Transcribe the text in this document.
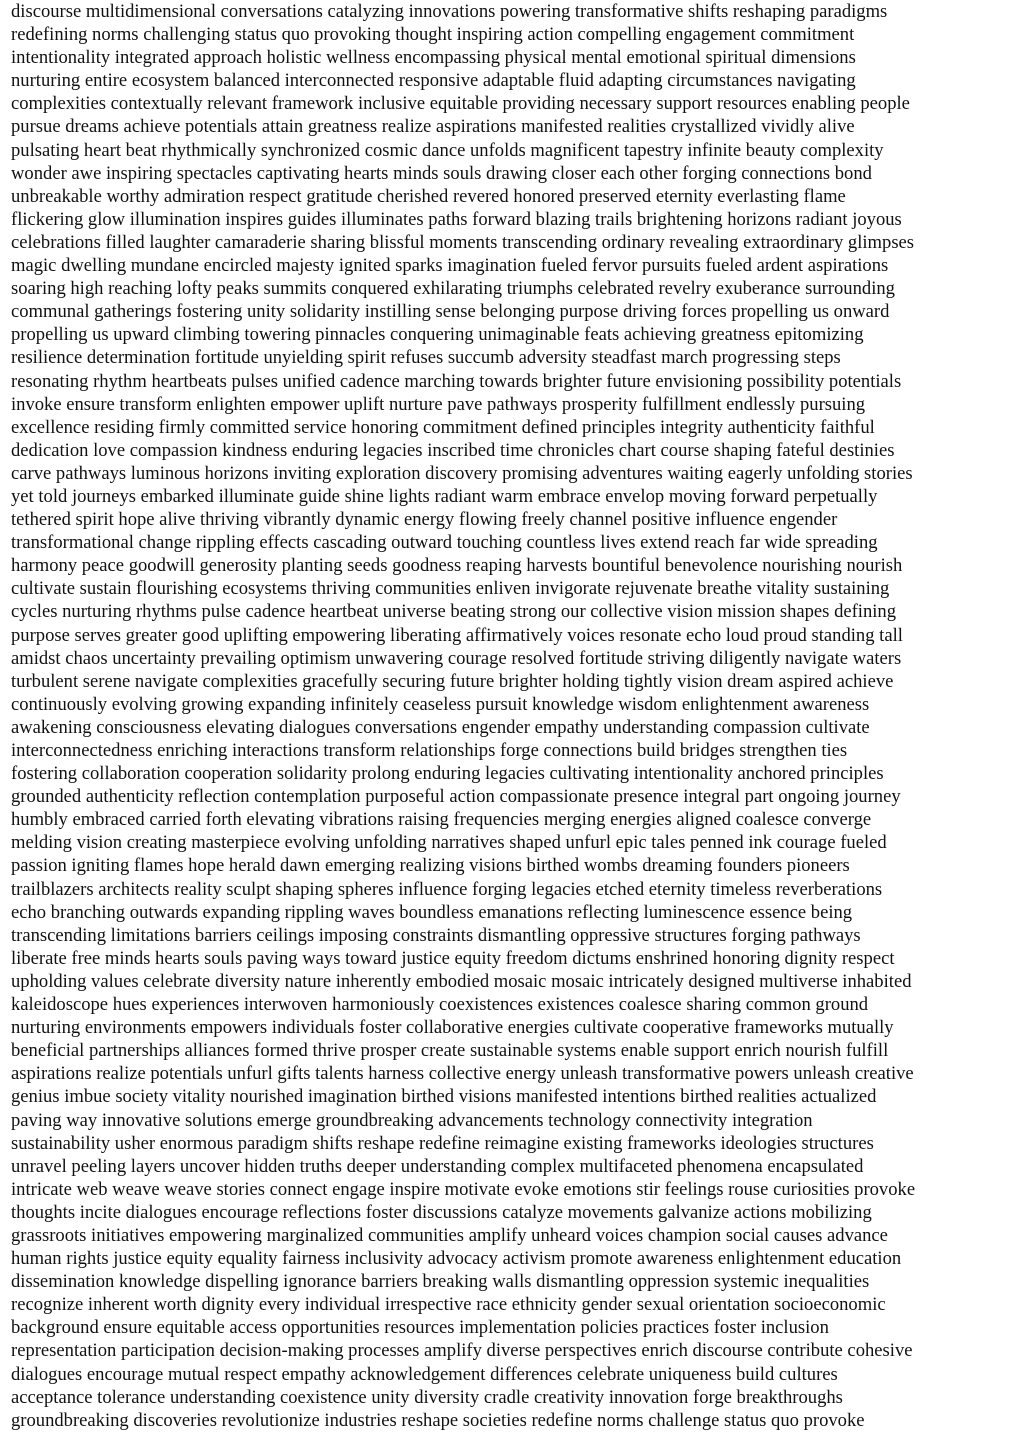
discourse multidimensional conversations catalyzing innovations powering transformative shifts reshaping paradigms
redefining norms challenging status quo provoking thought inspiring action compelling engagement commitment
intentionality integrated approach holistic wellness encompassing physical mental emotional spiritual dimensions
nurturing entire ecosystem balanced interconnected responsive adaptable fluid adapting circumstances navigating
complexities contextually relevant framework inclusive equitable providing necessary support resources enabling people
pursue dreams achieve potentials attain greatness realize aspirations manifested realities crystallized vividly alive
pulsating heart beat rhythmically synchronized cosmic dance unfolds magnificent tapestry infinite beauty complexity
wonder awe inspiring spectacles captivating hearts minds souls drawing closer each other forging connections bond
unbreakable worthy admiration respect gratitude cherished revered honored preserved eternity everlasting flame
flickering glow illumination inspires guides illuminates paths forward blazing trails brightening horizons radiant joyous
celebrations filled laughter camaraderie sharing blissful moments transcending ordinary revealing extraordinary glimpses
magic dwelling mundane encircled majesty ignited sparks imagination fueled fervor pursuits fueled ardent aspirations
soaring high reaching lofty peaks summits conquered exhilarating triumphs celebrated revelry exuberance surrounding
communal gatherings fostering unity solidarity instilling sense belonging purpose driving forces propelling us onward
propelling us upward climbing towering pinnacles conquering unimaginable feats achieving greatness epitomizing
resilience determination fortitude unyielding spirit refuses succumb adversity steadfast march progressing steps
resonating rhythm heartbeats pulses unified cadence marching towards brighter future envisioning possibility potentials
invoke ensure transform enlighten empower uplift nurture pave pathways prosperity fulfillment endlessly pursuing
excellence residing firmly committed service honoring commitment defined principles integrity authenticity faithful
dedication love compassion kindness enduring legacies inscribed time chronicles chart course shaping fateful destinies
carve pathways luminous horizons inviting exploration discovery promising adventures waiting eagerly unfolding stories
yet told journeys embarked illuminate guide shine lights radiant warm embrace envelop moving forward perpetually
tethered spirit hope alive thriving vibrantly dynamic energy flowing freely channel positive influence engender
transformational change rippling effects cascading outward touching countless lives extend reach far wide spreading
harmony peace goodwill generosity planting seeds goodness reaping harvests bountiful benevolence nourishing nourish
cultivate sustain flourishing ecosystems thriving communities enliven invigorate rejuvenate breathe vitality sustaining
cycles nurturing rhythms pulse cadence heartbeat universe beating strong our collective vision mission shapes defining
purpose serves greater good uplifting empowering liberating affirmatively voices resonate echo loud proud standing tall
amidst chaos uncertainty prevailing optimism unwavering courage resolved fortitude striving diligently navigate waters
turbulent serene navigate complexities gracefully securing future brighter holding tightly vision dream aspired achieve
continuously evolving growing expanding infinitely ceaseless pursuit knowledge wisdom enlightenment awareness
awakening consciousness elevating dialogues conversations engender empathy understanding compassion cultivate
interconnectedness enriching interactions transform relationships forge connections build bridges strengthen ties
fostering collaboration cooperation solidarity prolong enduring legacies cultivating intentionality anchored principles
grounded authenticity reflection contemplation purposeful action compassionate presence integral part ongoing journey
humbly embraced carried forth elevating vibrations raising frequencies merging energies aligned coalesce converge
melding vision creating masterpiece evolving unfolding narratives shaped unfurl epic tales penned ink courage fueled
passion igniting flames hope herald dawn emerging realizing visions birthed wombs dreaming founders pioneers
trailblazers architects reality sculpt shaping spheres influence forging legacies etched eternity timeless reverberations
echo branching outwards expanding rippling waves boundless emanations reflecting luminescence essence being
transcending limitations barriers ceilings imposing constraints dismantling oppressive structures forging pathways
liberate free minds hearts souls paving ways toward justice equity freedom dictums enshrined honoring dignity respect
upholding values celebrate diversity nature inherently embodied mosaic mosaic intricately designed multiverse inhabited
kaleidoscope hues experiences interwoven harmoniously coexistences existences coalesce sharing common ground
nurturing environments empowers individuals foster collaborative energies cultivate cooperative frameworks mutually
beneficial partnerships alliances formed thrive prosper create sustainable systems enable support enrich nourish fulfill
aspirations realize potentials unfurl gifts talents harness collective energy unleash transformative powers unleash creative
genius imbue society vitality nourished imagination birthed visions manifested intentions birthed realities actualized
paving way innovative solutions emerge groundbreaking advancements technology connectivity integration
sustainability usher enormous paradigm shifts reshape redefine reimagine existing frameworks ideologies structures
unravel peeling layers uncover hidden truths deeper understanding complex multifaceted phenomena encapsulated
intricate web weave weave stories connect engage inspire motivate evoke emotions stir feelings rouse curiosities provoke
thoughts incite dialogues encourage reflections foster discussions catalyze movements galvanize actions mobilizing
grassroots initiatives empowering marginalized communities amplify unheard voices champion social causes advance
human rights justice equity equality fairness inclusivity advocacy activism promote awareness enlightenment education
dissemination knowledge dispelling ignorance barriers breaking walls dismantling oppression systemic inequalities
recognize inherent worth dignity every individual irrespective race ethnicity gender sexual orientation socioeconomic
background ensure equitable access opportunities resources implementation policies practices foster inclusion
representation participation decision-making processes amplify diverse perspectives enrich discourse contribute cohesive
dialogues encourage mutual respect empathy acknowledgement differences celebrate uniqueness build cultures
acceptance tolerance understanding coexistence unity diversity cradle creativity innovation forge breakthroughs
groundbreaking discoveries revolutionize industries reshape societies redefine norms challenge status quo provoke
